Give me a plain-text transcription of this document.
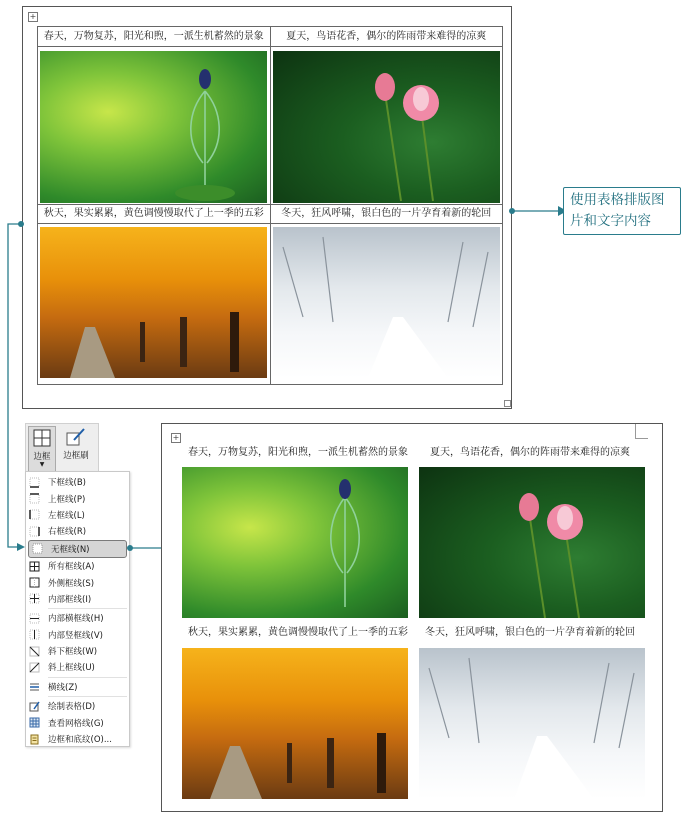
+
春天，万物复苏，阳光和煦，一派生机蓄然的景象	夏天，鸟语花香，偶尔的阵雨带来难得的凉爽

秋天，果实累累，黄色调慢慢取代了上一季的五彩	冬天，狂风呼啸，银白色的一片孕育着新的轮回

使用表格排版图片和文字内容
边框
▼
边框刷
下框线(B)
上框线(P)
左框线(L)
右框线(R)
无框线(N)
所有框线(A)
外侧框线(S)
内部框线(I)
内部横框线(H)
内部竖框线(V)
斜下框线(W)
斜上框线(U)
横线(Z)
绘制表格(D)
查看网格线(G)
边框和底纹(O)...
+
春天，万物复苏，阳光和煦，一派生机蓄然的景象	夏天，鸟语花香，偶尔的阵雨带来难得的凉爽

秋天，果实累累，黄色调慢慢取代了上一季的五彩	冬天，狂风呼啸，银白色的一片孕育着新的轮回
